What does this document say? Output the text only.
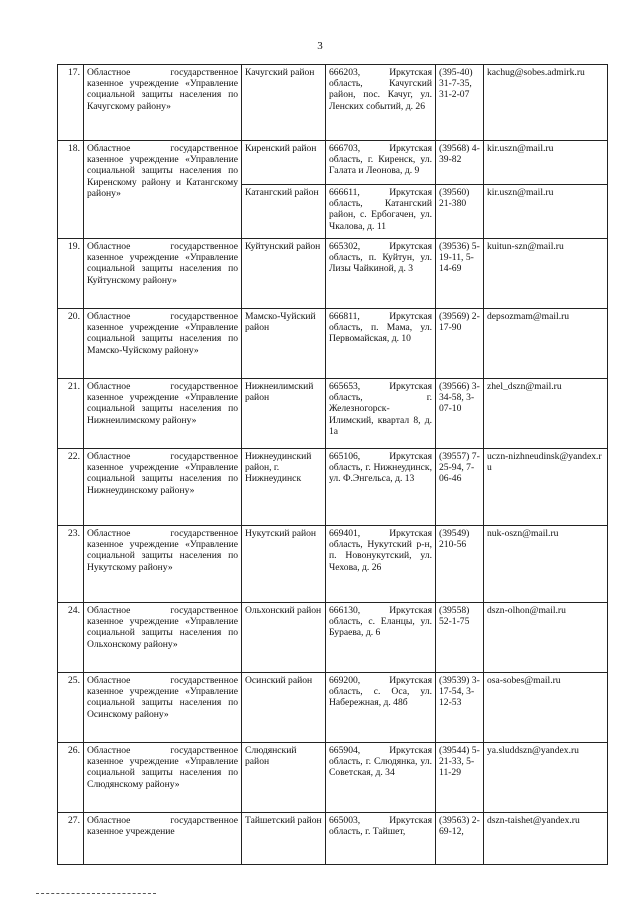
3
17.	Областное государственное казенное учреждение «Управление социальной защиты населения по Качугскому району»	Качугский район	666203, Иркутская область, Качугский район, пос. Качуг, ул. Ленских событий, д. 26	(395-40) 31-7-35, 31-2-07	kachug@sobes.admirk.ru
18.	Областное государственное казенное учреждение «Управление социальной защиты населения по Киренскому району и Катангскому району»	Киренский район	666703, Иркутская область, г. Киренск, ул. Галата и Леонова, д. 9	(39568) 4-39-82	kir.uszn@mail.ru
		Катангский район	666611, Иркутская область, Катангский район, с. Ербогачен, ул. Чкалова, д. 11	(39560) 21-380	kir.uszn@mail.ru
19.	Областное государственное казенное учреждение «Управление социальной защиты населения по Куйтунскому району»	Куйтунский район	665302, Иркутская область, п. Куйтун, ул. Лизы Чайкиной, д. 3	(39536) 5-19-11, 5-14-69	kuitun-szn@mail.ru
20.	Областное государственное казенное учреждение «Управление социальной защиты населения по Мамско-Чуйскому району»	Мамско-Чуйский район	666811, Иркутская область, п. Мама, ул. Первомайская, д. 10	(39569) 2-17-90	depsozmam@mail.ru
21.	Областное государственное казенное учреждение «Управление социальной защиты населения по Нижнеилимскому району»	Нижнеилимский район	665653, Иркутская область, г. Железногорск-Илимский, квартал 8, д. 1а	(39566) 3-34-58, 3-07-10	zhel_dszn@mail.ru
22.	Областное государственное казенное учреждение «Управление социальной защиты населения по Нижнеудинскому району»	Нижнеудинский район, г. Нижнеудинск	665106, Иркутская область, г. Нижнеудинск, ул. Ф.Энгельса, д. 13	(39557) 7-25-94, 7-06-46	uczn-nizhneudinsk@yandex.ru
23.	Областное государственное казенное учреждение «Управление социальной защиты населения по Нукутскому району»	Нукутский район	669401, Иркутская область, Нукутский р-н, п. Новонукутский, ул. Чехова, д. 26	(39549) 210-56	nuk-oszn@mail.ru
24.	Областное государственное казенное учреждение «Управление социальной защиты населения по Ольхонскому району»	Ольхонский район	666130, Иркутская область, с. Еланцы, ул. Бураева, д. 6	(39558) 52-1-75	dszn-olhon@mail.ru
25.	Областное государственное казенное учреждение «Управление социальной защиты населения по Осинскому району»	Осинский район	669200, Иркутская область, с. Оса, ул. Набережная, д. 48б	(39539) 3-17-54, 3-12-53	osa-sobes@mail.ru
26.	Областное государственное казенное учреждение «Управление социальной защиты населения по Слюдянскому району»	Слюдянский район	665904, Иркутская область, г. Слюдянка, ул. Советская, д. 34	(39544) 5-21-33, 5-11-29	ya.sluddszn@yandex.ru
27.	Областное государственное казенное учреждение	Тайшетский район	665003, Иркутская область, г. Тайшет,	(39563) 2-69-12,	dszn-taishet@yandex.ru
